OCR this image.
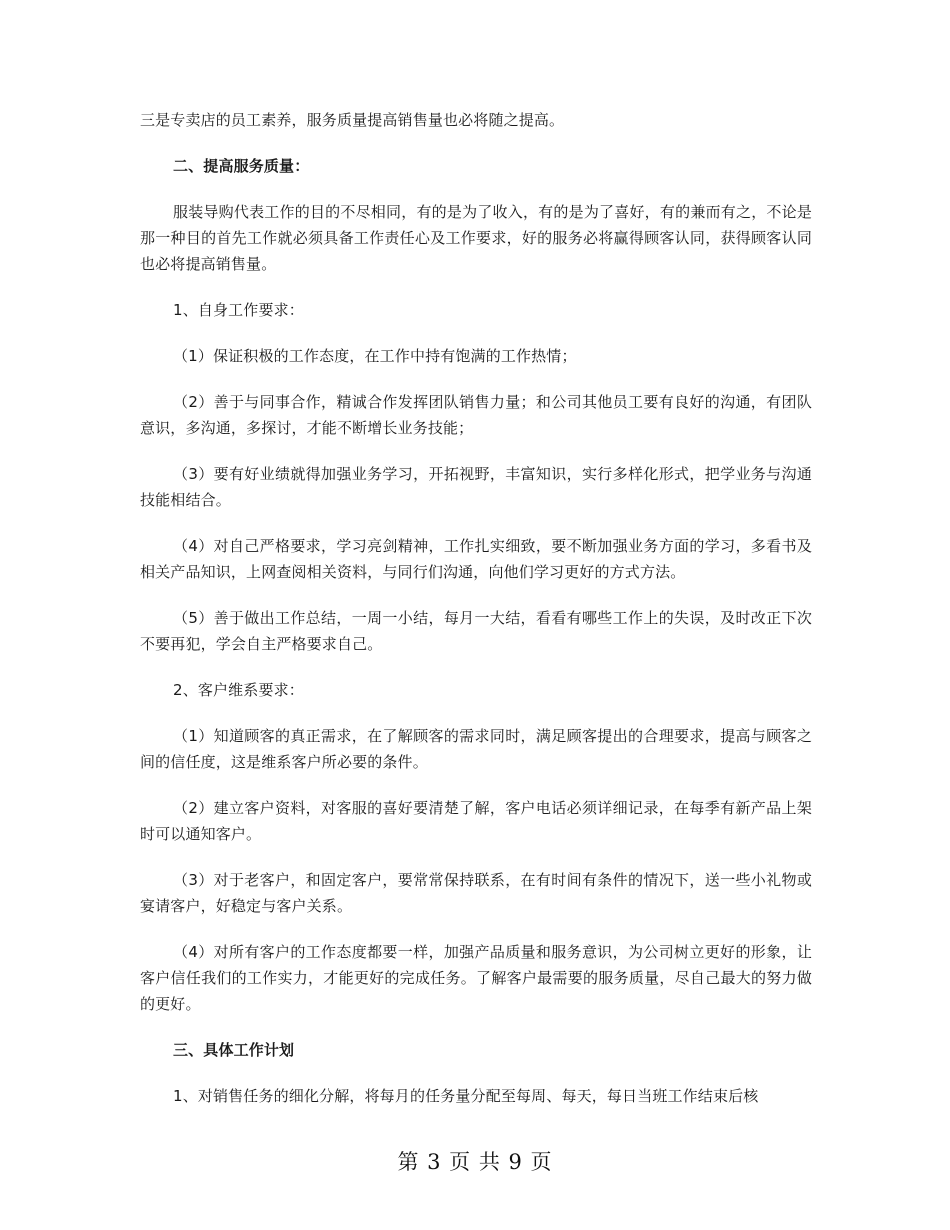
三是专卖店的员工素养，服务质量提高销售量也必将随之提高。

二、提高服务质量：

服装导购代表工作的目的不尽相同，有的是为了收入，有的是为了喜好，有的兼而有之，不论是那一种目的首先工作就必须具备工作责任心及工作要求，好的服务必将赢得顾客认同，获得顾客认同也必将提高销售量。

1、自身工作要求：

（1）保证积极的工作态度，在工作中持有饱满的工作热情；

（2）善于与同事合作，精诚合作发挥团队销售力量；和公司其他员工要有良好的沟通，有团队意识，多沟通，多探讨，才能不断增长业务技能；

（3）要有好业绩就得加强业务学习，开拓视野，丰富知识，实行多样化形式，把学业务与沟通技能相结合。

（4）对自己严格要求，学习亮剑精神，工作扎实细致，要不断加强业务方面的学习，多看书及相关产品知识，上网查阅相关资料，与同行们沟通，向他们学习更好的方式方法。

（5）善于做出工作总结，一周一小结，每月一大结，看看有哪些工作上的失误，及时改正下次不要再犯，学会自主严格要求自己。

2、客户维系要求：

（1）知道顾客的真正需求，在了解顾客的需求同时，满足顾客提出的合理要求，提高与顾客之间的信任度，这是维系客户所必要的条件。

（2）建立客户资料，对客服的喜好要清楚了解，客户电话必须详细记录，在每季有新产品上架时可以通知客户。

（3）对于老客户，和固定客户，要常常保持联系，在有时间有条件的情况下，送一些小礼物或宴请客户，好稳定与客户关系。

（4）对所有客户的工作态度都要一样，加强产品质量和服务意识，为公司树立更好的形象，让客户信任我们的工作实力，才能更好的完成任务。了解客户最需要的服务质量，尽自己最大的努力做的更好。

三、具体工作计划

1、对销售任务的细化分解，将每月的任务量分配至每周、每天，每日当班工作结束后核

第 3 页 共 9 页
